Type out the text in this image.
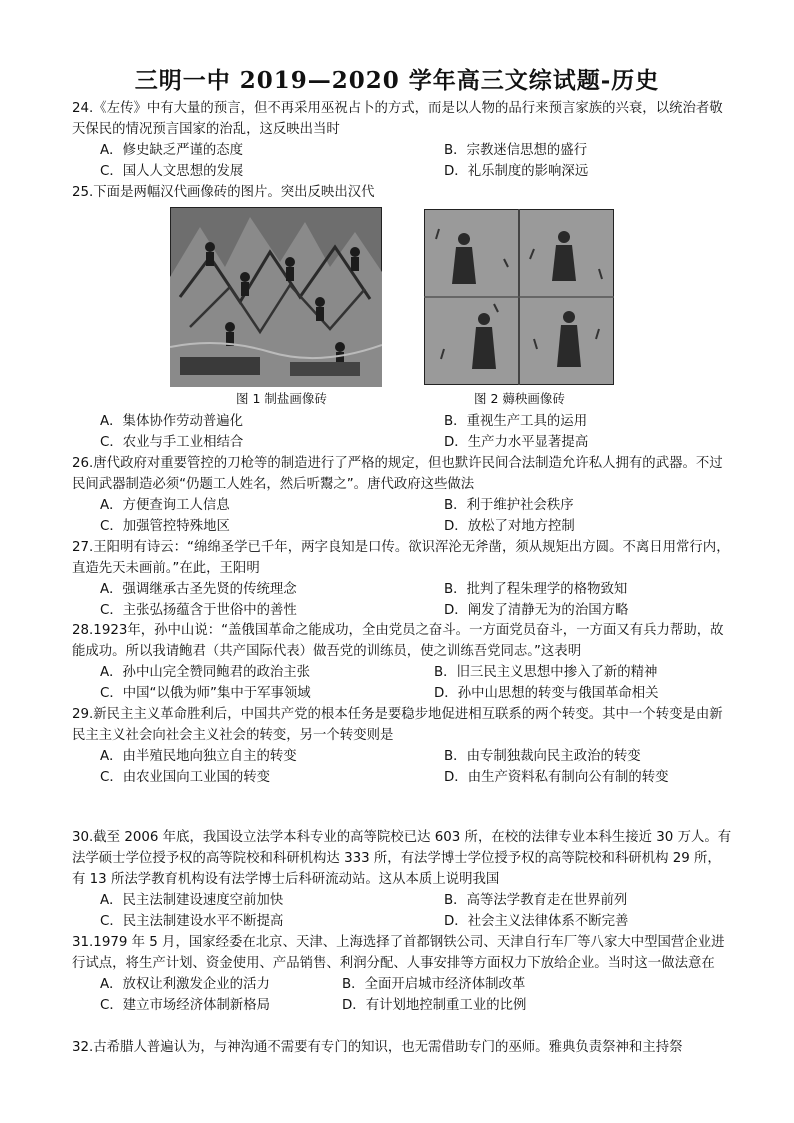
三明一中 2019—2020 学年高三文综试题-历史

24.《左传》中有大量的预言，但不再采用巫祝占卜的方式，而是以人物的品行来预言家族的兴衰，以统治者敬天保民的情况预言国家的治乱，这反映出当时

A．修史缺乏严谨的态度	B．宗教迷信思想的盛行
C．国人人文思想的发展	D．礼乐制度的影响深远

25.下面是两幅汉代画像砖的图片。突出反映出汉代

图 1 制盐画像砖	图 2 薅秧画像砖
A．集体协作劳动普遍化	B．重视生产工具的运用
C．农业与手工业相结合	D．生产力水平显著提高

26.唐代政府对重要管控的刀枪等的制造进行了严格的规定，但也默许民间合法制造允许私人拥有的武器。不过民间武器制造必须“仍题工人姓名，然后听鬻之”。唐代政府这些做法

A．方便查询工人信息	B．利于维护社会秩序
C．加强管控特殊地区	D．放松了对地方控制

27.王阳明有诗云：“绵绵圣学已千年，两字良知是口传。欲识浑沦无斧凿，须从规矩出方圆。不离日用常行内，直造先天未画前。”在此，王阳明

A．强调继承古圣先贤的传统理念	B．批判了程朱理学的格物致知
C．主张弘扬蕴含于世俗中的善性	D．阐发了清静无为的治国方略

28.1923年，孙中山说：“盖俄国革命之能成功，全由党员之奋斗。一方面党员奋斗，一方面又有兵力帮助，故能成功。所以我请鲍君（共产国际代表）做吾党的训练员，使之训练吾党同志。”这表明

A．孙中山完全赞同鲍君的政治主张	B．旧三民主义思想中掺入了新的精神
C．中国“以俄为师”集中于军事领域	D．孙中山思想的转变与俄国革命相关

29.新民主主义革命胜利后，中国共产党的根本任务是要稳步地促进相互联系的两个转变。其中一个转变是由新民主主义社会向社会主义社会的转变，另一个转变则是

A．由半殖民地向独立自主的转变	B．由专制独裁向民主政治的转变
C．由农业国向工业国的转变	D．由生产资料私有制向公有制的转变

30.截至 2006 年底，我国设立法学本科专业的高等院校已达 603 所，在校的法律专业本科生接近 30 万人。有法学硕士学位授予权的高等院校和科研机构达 333 所，有法学博士学位授予权的高等院校和科研机构 29 所，有 13 所法学教育机构设有法学博士后科研流动站。这从本质上说明我国

A．民主法制建设速度空前加快	B．高等法学教育走在世界前列
C．民主法制建设水平不断提高	D．社会主义法律体系不断完善

31.1979 年 5 月，国家经委在北京、天津、上海选择了首都钢铁公司、天津自行车厂等八家大中型国营企业进行试点，将生产计划、资金使用、产品销售、利润分配、人事安排等方面权力下放给企业。当时这一做法意在

A．放权让利激发企业的活力	B．全面开启城市经济体制改革
C．建立市场经济体制新格局	D．有计划地控制重工业的比例

32.古希腊人普遍认为，与神沟通不需要有专门的知识，也无需借助专门的巫师。雅典负责祭神和主持祭
